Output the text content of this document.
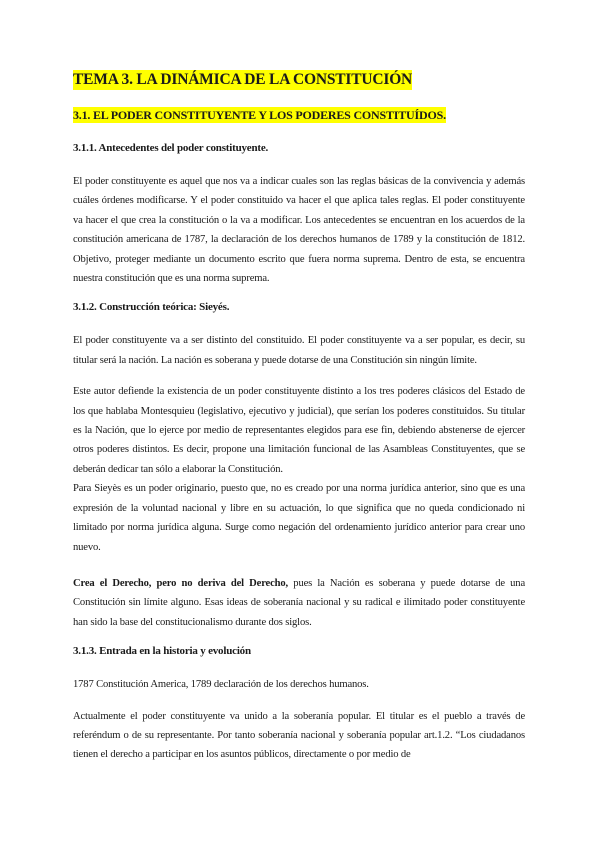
TEMA 3. LA DINÁMICA DE LA CONSTITUCIÓN
3.1. EL PODER CONSTITUYENTE Y LOS PODERES CONSTITUÍDOS.
3.1.1. Antecedentes del poder constituyente.
El poder constituyente es aquel que nos va a indicar cuales son las reglas básicas de la convivencia y además cuáles órdenes modificarse. Y el poder constituido va hacer el que aplica tales reglas. El poder constituyente va hacer el que crea la constitución o la va a modificar. Los antecedentes se encuentran en los acuerdos de la constitución americana de 1787, la declaración de los derechos humanos de 1789 y la constitución de 1812. Objetivo, proteger mediante un documento escrito que fuera norma suprema. Dentro de esta, se encuentra nuestra constitución que es una norma suprema.
3.1.2. Construcción teórica: Sieyés.
El poder constituyente va a ser distinto del constituido. El poder constituyente va a ser popular, es decir, su titular será la nación. La nación es soberana y puede dotarse de una Constitución sin ningún límite.
Este autor defiende la existencia de un poder constituyente distinto a los tres poderes clásicos del Estado de los que hablaba Montesquieu (legislativo, ejecutivo y judicial), que serían los poderes constituidos. Su titular es la Nación, que lo ejerce por medio de representantes elegidos para ese fin, debiendo abstenerse de ejercer otros poderes distintos. Es decir, propone una limitación funcional de las Asambleas Constituyentes, que se deberán dedicar tan sólo a elaborar la Constitución.
Para Sieyès es un poder originario, puesto que, no es creado por una norma jurídica anterior, sino que es una expresión de la voluntad nacional y libre en su actuación, lo que significa que no queda condicionado ni limitado por norma jurídica alguna. Surge como negación del ordenamiento jurídico anterior para crear uno nuevo.
Crea el Derecho, pero no deriva del Derecho, pues la Nación es soberana y puede dotarse de una Constitución sin límite alguno. Esas ideas de soberanía nacional y su radical e ilimitado poder constituyente han sido la base del constitucionalismo durante dos siglos.
3.1.3. Entrada en la historia y evolución
1787 Constitución America, 1789 declaración de los derechos humanos.
Actualmente el poder constituyente va unido a la soberanía popular. El titular es el pueblo a través de referéndum o de su representante. Por tanto soberanía nacional y soberanía popular art.1.2. “Los ciudadanos tienen el derecho a participar en los asuntos públicos, directamente o por medio de
